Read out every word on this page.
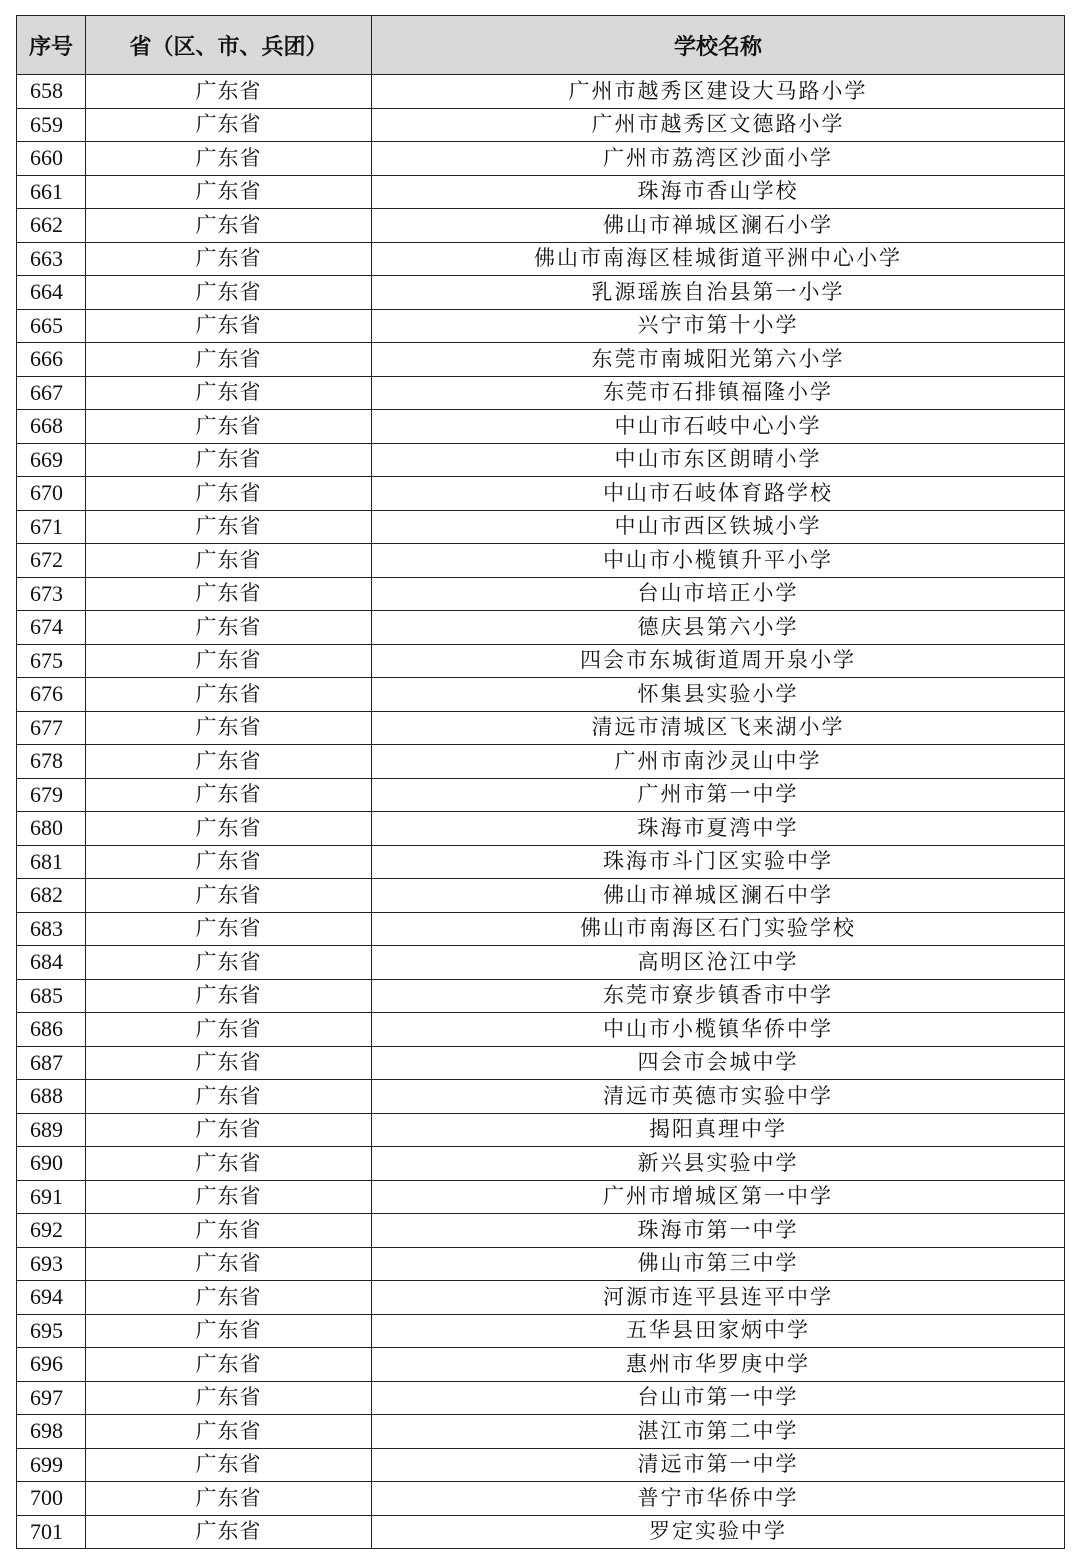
序号	省（区、市、兵团）	学校名称
658	广东省	广州市越秀区建设大马路小学
659	广东省	广州市越秀区文德路小学
660	广东省	广州市荔湾区沙面小学
661	广东省	珠海市香山学校
662	广东省	佛山市禅城区澜石小学
663	广东省	佛山市南海区桂城街道平洲中心小学
664	广东省	乳源瑶族自治县第一小学
665	广东省	兴宁市第十小学
666	广东省	东莞市南城阳光第六小学
667	广东省	东莞市石排镇福隆小学
668	广东省	中山市石岐中心小学
669	广东省	中山市东区朗晴小学
670	广东省	中山市石岐体育路学校
671	广东省	中山市西区铁城小学
672	广东省	中山市小榄镇升平小学
673	广东省	台山市培正小学
674	广东省	德庆县第六小学
675	广东省	四会市东城街道周开泉小学
676	广东省	怀集县实验小学
677	广东省	清远市清城区飞来湖小学
678	广东省	广州市南沙灵山中学
679	广东省	广州市第一中学
680	广东省	珠海市夏湾中学
681	广东省	珠海市斗门区实验中学
682	广东省	佛山市禅城区澜石中学
683	广东省	佛山市南海区石门实验学校
684	广东省	高明区沧江中学
685	广东省	东莞市寮步镇香市中学
686	广东省	中山市小榄镇华侨中学
687	广东省	四会市会城中学
688	广东省	清远市英德市实验中学
689	广东省	揭阳真理中学
690	广东省	新兴县实验中学
691	广东省	广州市增城区第一中学
692	广东省	珠海市第一中学
693	广东省	佛山市第三中学
694	广东省	河源市连平县连平中学
695	广东省	五华县田家炳中学
696	广东省	惠州市华罗庚中学
697	广东省	台山市第一中学
698	广东省	湛江市第二中学
699	广东省	清远市第一中学
700	广东省	普宁市华侨中学
701	广东省	罗定实验中学
